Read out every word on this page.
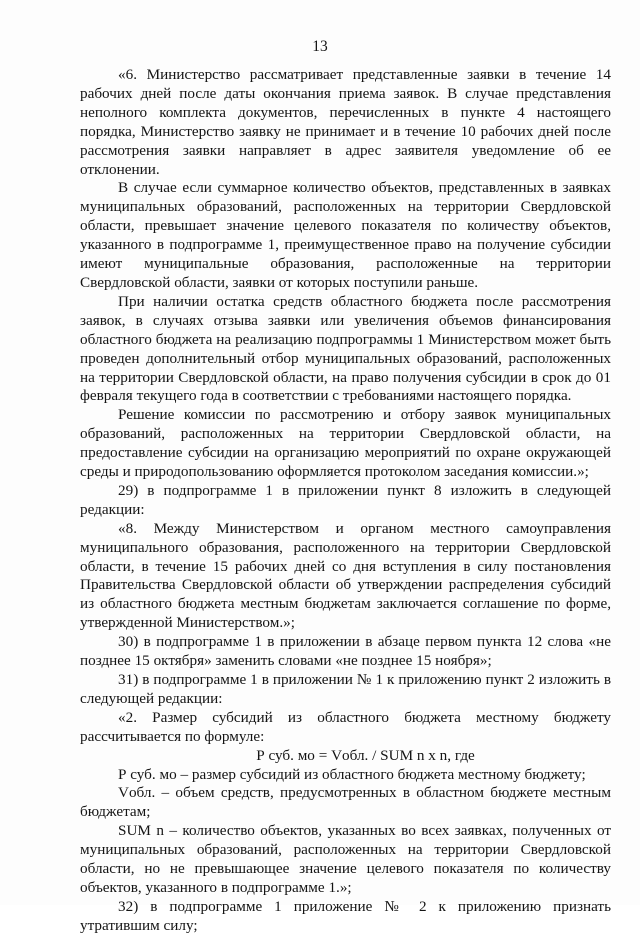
13

«6. Министерство рассматривает представленные заявки в течение 14 рабочих дней после даты окончания приема заявок. В случае представления неполного комплекта документов, перечисленных в пункте 4 настоящего порядка, Министерство заявку не принимает и в течение 10 рабочих дней после рассмотрения заявки направляет в адрес заявителя уведомление об ее отклонении.

В случае если суммарное количество объектов, представленных в заявках муниципальных образований, расположенных на территории Свердловской области, превышает значение целевого показателя по количеству объектов, указанного в подпрограмме 1, преимущественное право на получение субсидии имеют муниципальные образования, расположенные на территории Свердловской области, заявки от которых поступили раньше.

При наличии остатка средств областного бюджета после рассмотрения заявок, в случаях отзыва заявки или увеличения объемов финансирования областного бюджета на реализацию подпрограммы 1 Министерством может быть проведен дополнительный отбор муниципальных образований, расположенных на территории Свердловской области, на право получения субсидии в срок до 01 февраля текущего года в соответствии с требованиями настоящего порядка.

Решение комиссии по рассмотрению и отбору заявок муниципальных образований, расположенных на территории Свердловской области, на предоставление субсидии на организацию мероприятий по охране окружающей среды и природопользованию оформляется протоколом заседания комиссии.»;

29) в подпрограмме 1 в приложении пункт 8 изложить в следующей редакции:

«8. Между Министерством и органом местного самоуправления муниципального образования, расположенного на территории Свердловской области, в течение 15 рабочих дней со дня вступления в силу постановления Правительства Свердловской области об утверждении распределения субсидий из областного бюджета местным бюджетам заключается соглашение по форме, утвержденной Министерством.»;

30) в подпрограмме 1 в приложении в абзаце первом пункта 12 слова «не позднее 15 октября» заменить словами «не позднее 15 ноября»;

31) в подпрограмме 1 в приложении № 1 к приложению пункт 2 изложить в следующей редакции:

«2. Размер субсидий из областного бюджета местному бюджету рассчитывается по формуле:

Р суб. мо = Vобл. / SUM n x n, где

Р суб. мо – размер субсидий из областного бюджета местному бюджету;

Vобл. – объем средств, предусмотренных в областном бюджете местным бюджетам;

SUM n – количество объектов, указанных во всех заявках, полученных от муниципальных образований, расположенных на территории Свердловской области, но не превышающее значение целевого показателя по количеству объектов, указанного в подпрограмме 1.»;

32) в подпрограмме 1 приложение № 2 к приложению признать утратившим силу;
